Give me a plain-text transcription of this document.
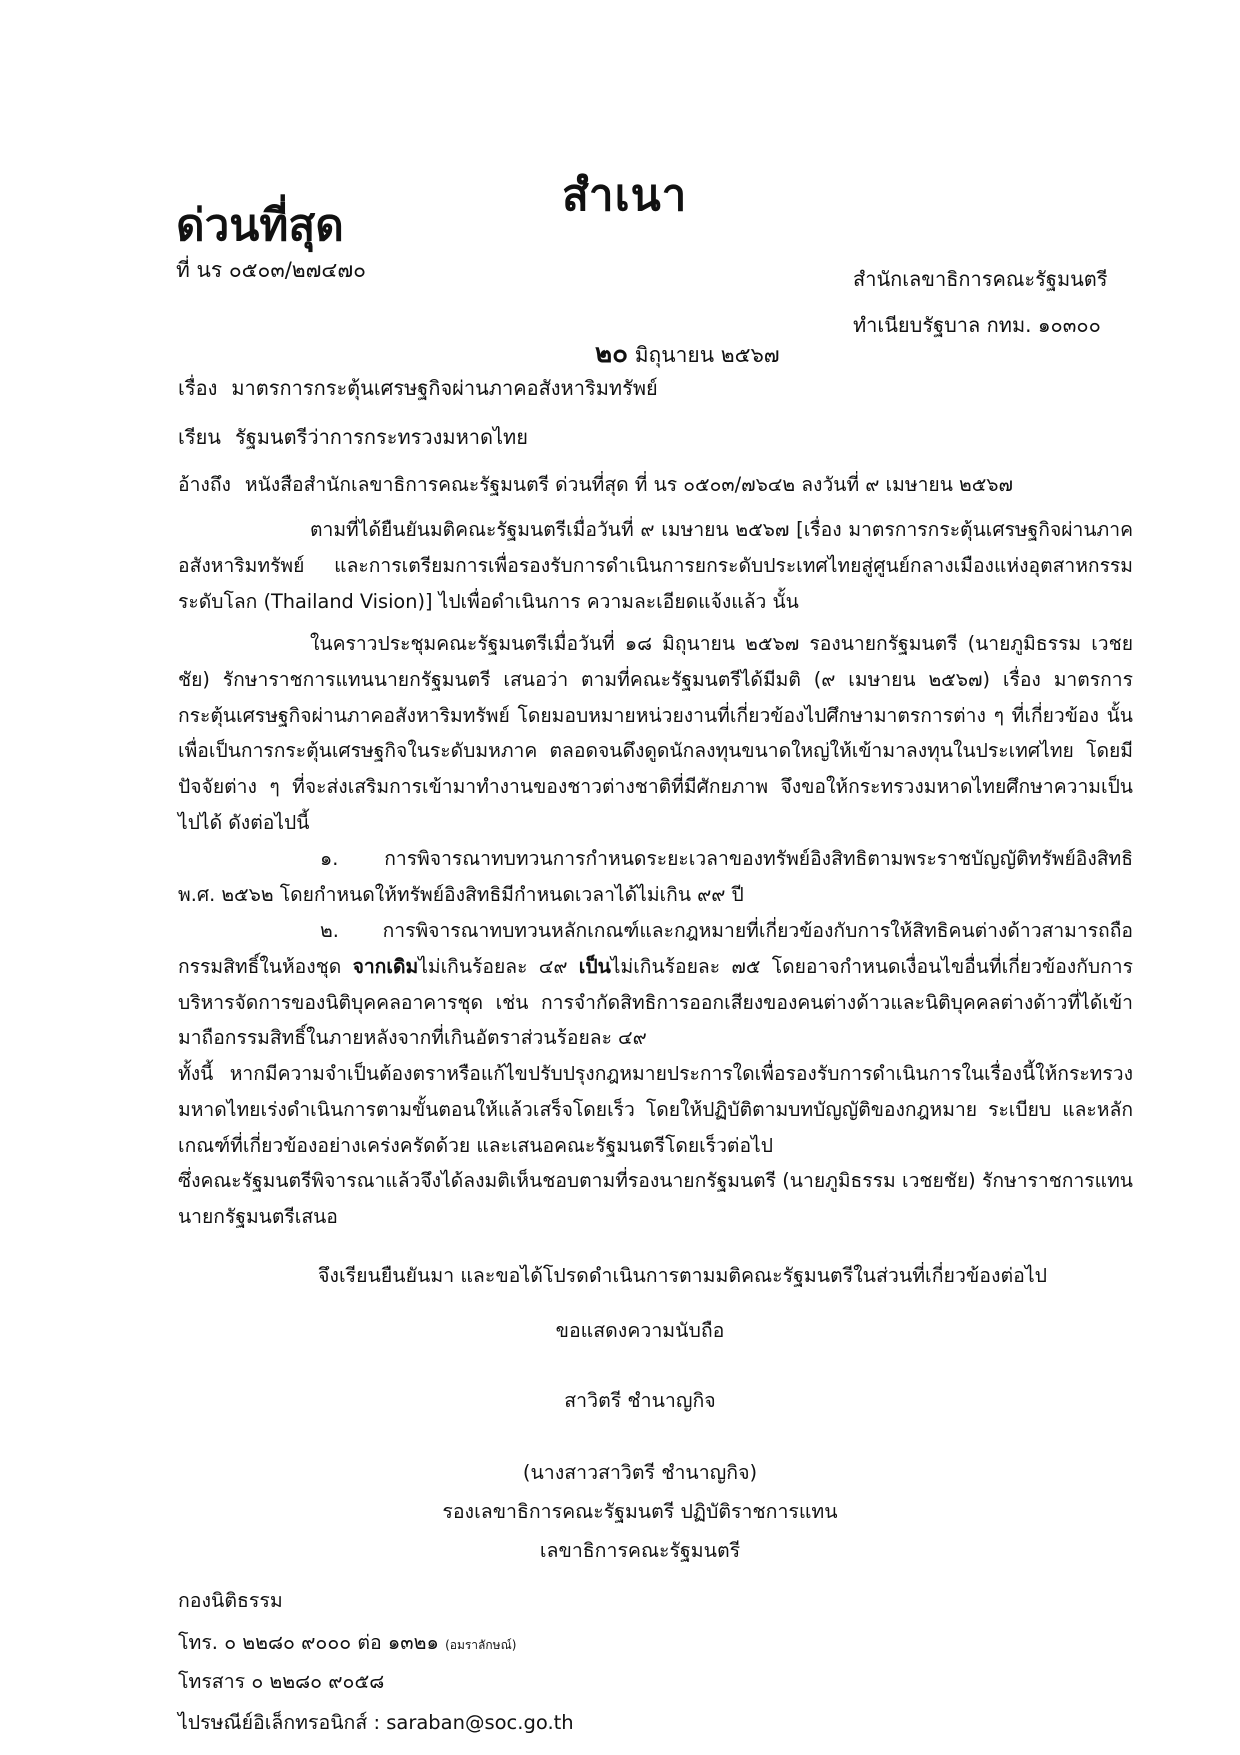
สำเนา
ด่วนที่สุด
ที่ นร ๐๕๐๓/๒๗๔๗๐	สำนักเลขาธิการคณะรัฐมนตรี
ทำเนียบรัฐบาล กทม. ๑๐๓๐๐
๒๐ มิถุนายน ๒๕๖๗
เรื่อง มาตรการกระตุ้นเศรษฐกิจผ่านภาคอสังหาริมทรัพย์
เรียน รัฐมนตรีว่าการกระทรวงมหาดไทย
อ้างถึง หนังสือสำนักเลขาธิการคณะรัฐมนตรี ด่วนที่สุด ที่ นร ๐๕๐๓/๗๖๔๒ ลงวันที่ ๙ เมษายน ๒๕๖๗

ตามที่ได้ยืนยันมติคณะรัฐมนตรีเมื่อวันที่ ๙ เมษายน ๒๕๖๗ [เรื่อง มาตรการกระตุ้นเศรษฐกิจผ่านภาคอสังหาริมทรัพย์ และการเตรียมการเพื่อรองรับการดำเนินการยกระดับประเทศไทยสู่ศูนย์กลางเมืองแห่งอุตสาหกรรมระดับโลก (Thailand Vision)] ไปเพื่อดำเนินการ ความละเอียดแจ้งแล้ว นั้น

ในคราวประชุมคณะรัฐมนตรีเมื่อวันที่ ๑๘ มิถุนายน ๒๕๖๗ รองนายกรัฐมนตรี (นายภูมิธรรม เวชยชัย) รักษาราชการแทนนายกรัฐมนตรี เสนอว่า ตามที่คณะรัฐมนตรีได้มีมติ (๙ เมษายน ๒๕๖๗) เรื่อง มาตรการกระตุ้นเศรษฐกิจผ่านภาคอสังหาริมทรัพย์ โดยมอบหมายหน่วยงานที่เกี่ยวข้องไปศึกษามาตรการต่าง ๆ ที่เกี่ยวข้อง นั้น เพื่อเป็นการกระตุ้นเศรษฐกิจในระดับมหภาค ตลอดจนดึงดูดนักลงทุนขนาดใหญ่ให้เข้ามาลงทุนในประเทศไทย โดยมีปัจจัยต่าง ๆ ที่จะส่งเสริมการเข้ามาทำงานของชาวต่างชาติที่มีศักยภาพ จึงขอให้กระทรวงมหาดไทยศึกษาความเป็นไปได้ ดังต่อไปนี้

๑. การพิจารณาทบทวนการกำหนดระยะเวลาของทรัพย์อิงสิทธิตามพระราชบัญญัติทรัพย์อิงสิทธิ พ.ศ. ๒๕๖๒ โดยกำหนดให้ทรัพย์อิงสิทธิมีกำหนดเวลาได้ไม่เกิน ๙๙ ปี

๒. การพิจารณาทบทวนหลักเกณฑ์และกฎหมายที่เกี่ยวข้องกับการให้สิทธิคนต่างด้าวสามารถถือกรรมสิทธิ์ในห้องชุด จากเดิมไม่เกินร้อยละ ๔๙ เป็นไม่เกินร้อยละ ๗๕ โดยอาจกำหนดเงื่อนไขอื่นที่เกี่ยวข้องกับการบริหารจัดการของนิติบุคคลอาคารชุด เช่น การจำกัดสิทธิการออกเสียงของคนต่างด้าวและนิติบุคคลต่างด้าวที่ได้เข้ามาถือกรรมสิทธิ์ในภายหลังจากที่เกินอัตราส่วนร้อยละ ๔๙

ทั้งนี้ หากมีความจำเป็นต้องตราหรือแก้ไขปรับปรุงกฎหมายประการใดเพื่อรองรับการดำเนินการในเรื่องนี้ให้กระทรวงมหาดไทยเร่งดำเนินการตามขั้นตอนให้แล้วเสร็จโดยเร็ว โดยให้ปฏิบัติตามบทบัญญัติของกฎหมาย ระเบียบ และหลักเกณฑ์ที่เกี่ยวข้องอย่างเคร่งครัดด้วย และเสนอคณะรัฐมนตรีโดยเร็วต่อไป

ซึ่งคณะรัฐมนตรีพิจารณาแล้วจึงได้ลงมติเห็นชอบตามที่รองนายกรัฐมนตรี (นายภูมิธรรม เวชยชัย) รักษาราชการแทนนายกรัฐมนตรีเสนอ

จึงเรียนยืนยันมา และขอได้โปรดดำเนินการตามมติคณะรัฐมนตรีในส่วนที่เกี่ยวข้องต่อไป
ขอแสดงความนับถือ
สาวิตรี ชำนาญกิจ
(นางสาวสาวิตรี ชำนาญกิจ)
รองเลขาธิการคณะรัฐมนตรี ปฏิบัติราชการแทน
เลขาธิการคณะรัฐมนตรี
กองนิติธรรม
โทร. ๐ ๒๒๘๐ ๙๐๐๐ ต่อ ๑๓๒๑ (อมราลักษณ์)
โทรสาร ๐ ๒๒๘๐ ๙๐๕๘
ไปรษณีย์อิเล็กทรอนิกส์ : saraban@soc.go.th
